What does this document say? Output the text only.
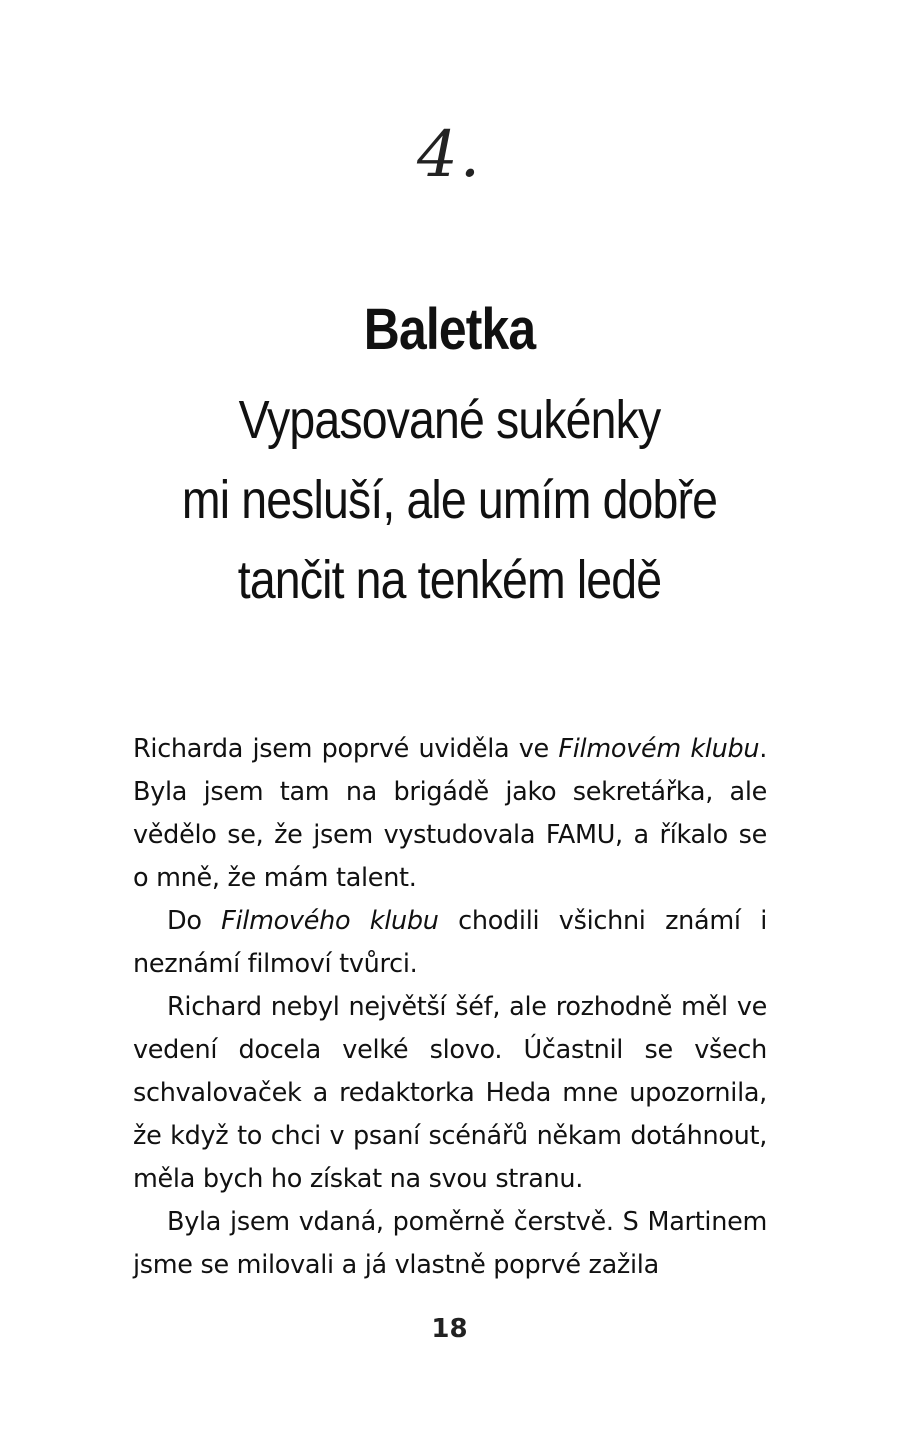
4.
Baletka
Vypasované sukénky
mi nesluší, ale umím dobře
tančit na tenkém ledě

Richarda jsem poprvé uviděla ve Filmovém klubu. Byla jsem tam na brigádě jako sekretářka, ale vědělo se, že jsem vystudovala FAMU, a říkalo se o mně, že mám talent.

Do Filmového klubu chodili všichni známí i neznámí filmoví tvůrci.

Richard nebyl největší šéf, ale rozhodně měl ve vedení docela velké slovo. Účastnil se všech schvalovaček a redaktorka Heda mne upozornila, že když to chci v psaní scénářů někam dotáhnout, měla bych ho získat na svou stranu.

Byla jsem vdaná, poměrně čerstvě. S Martinem jsme se milovali a já vlastně poprvé zažila

18
